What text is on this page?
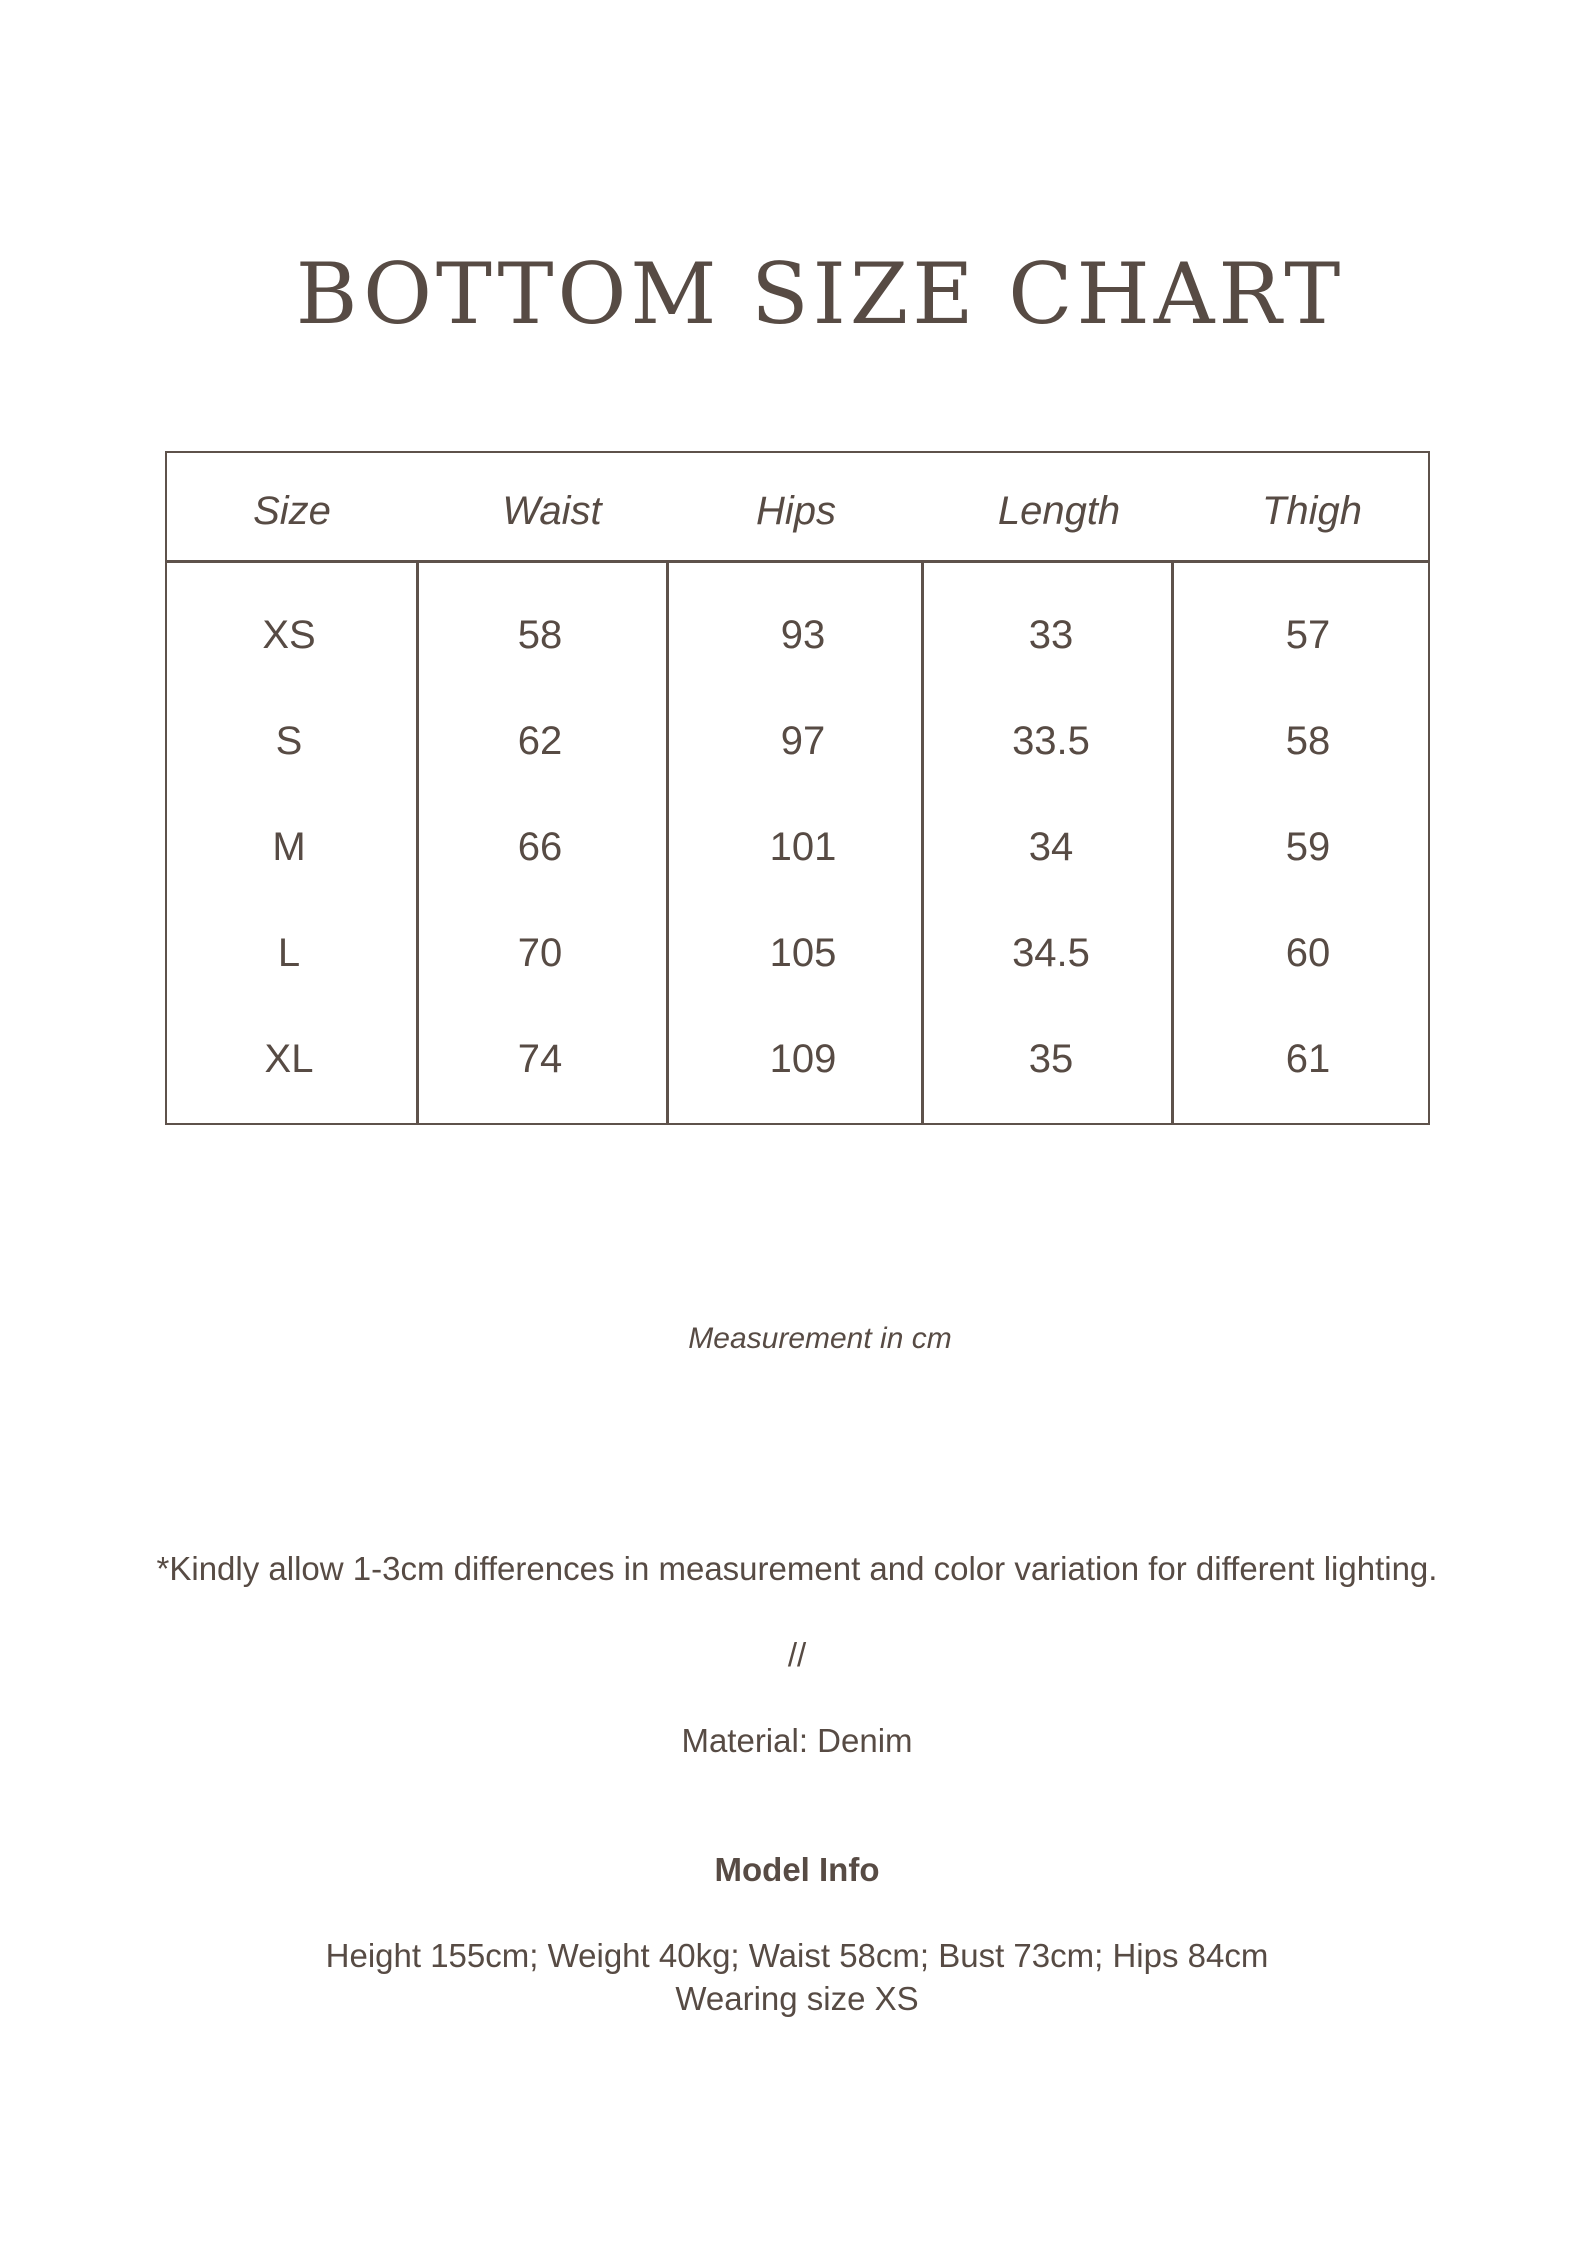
BOTTOM SIZE CHART
Size	Waist	Hips	Length	Thigh
XS	58	93	33	57
S	62	97	33.5	58
M	66	101	34	59
L	70	105	34.5	60
XL	74	109	35	61
Measurement in cm
*Kindly allow 1-3cm differences in measurement and color variation for different lighting.
//
Material: Denim
Model Info
Height 155cm; Weight 40kg; Waist 58cm; Bust 73cm; Hips 84cm
Wearing size XS
